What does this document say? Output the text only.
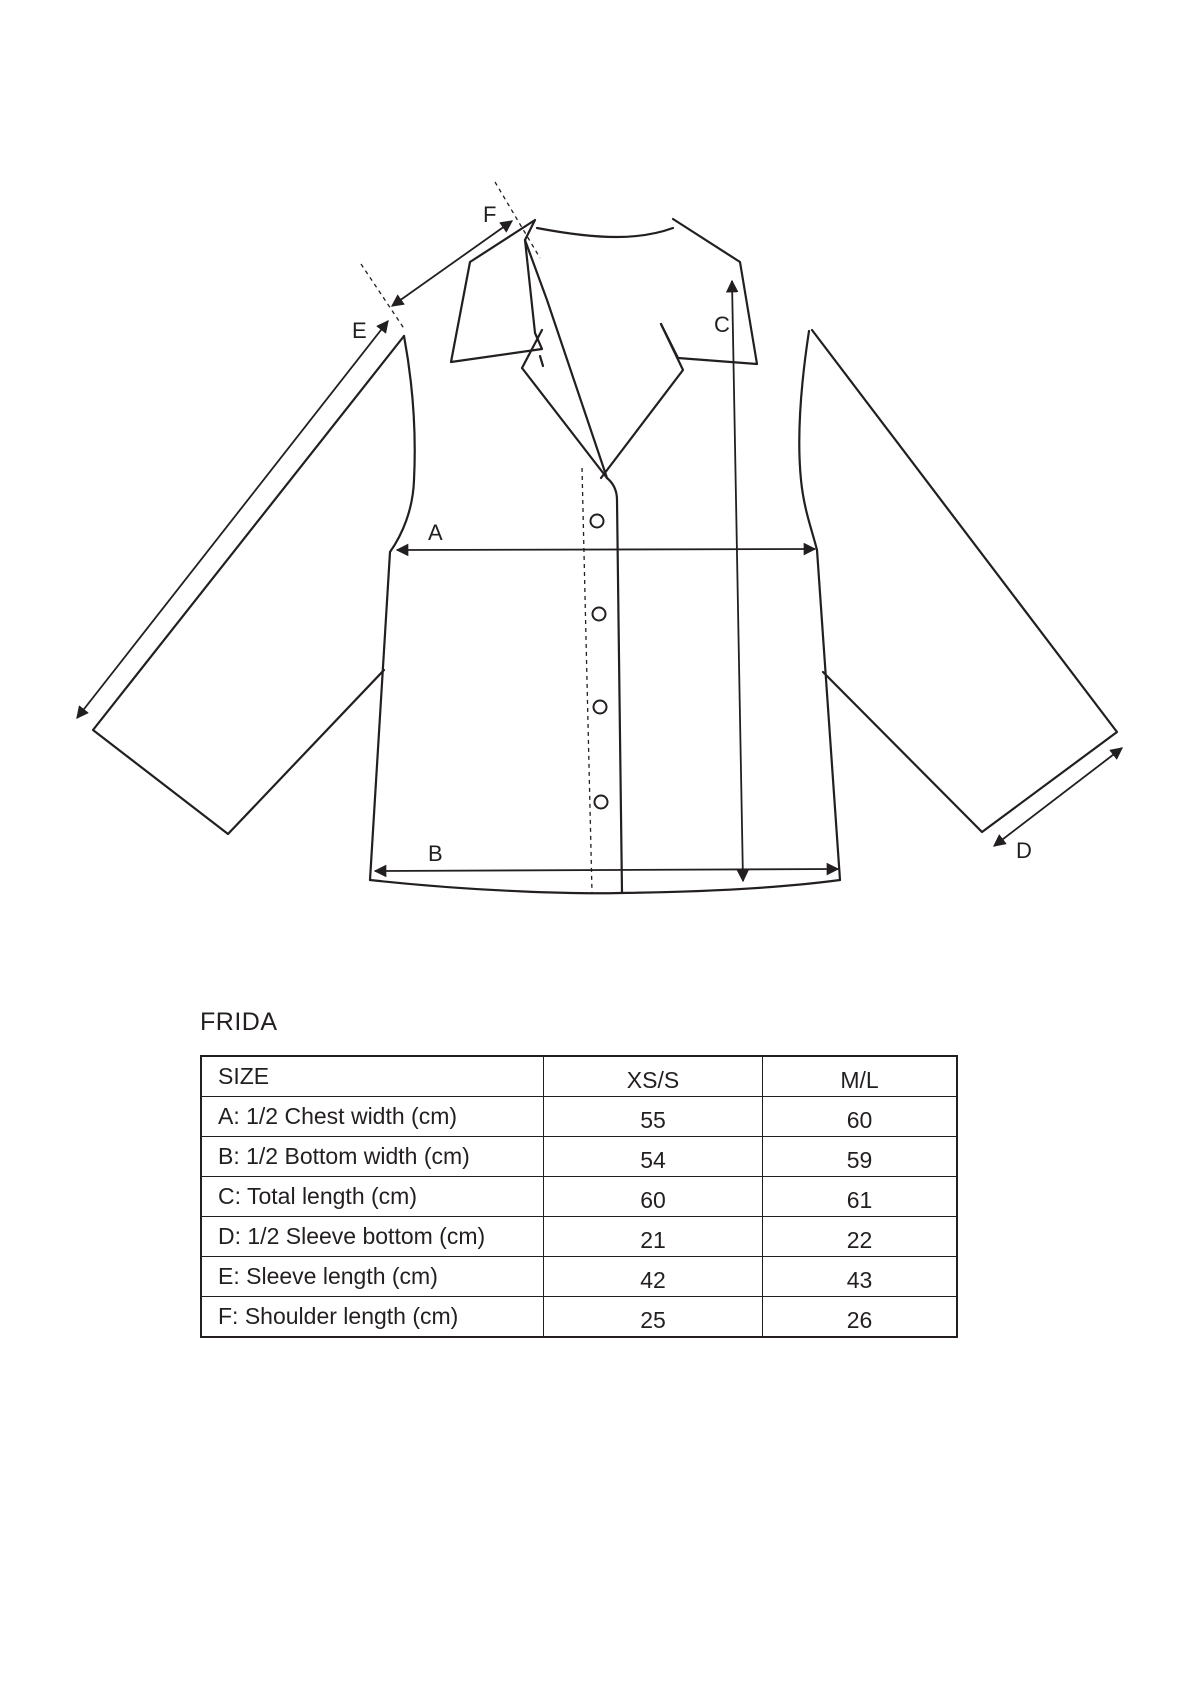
A
B
C
D
E
F
FRIDA
SIZE	XS/S	M/L
A: 1/2 Chest width (cm)	55	60
B: 1/2 Bottom width (cm)	54	59
C: Total length (cm)	60	61
D: 1/2 Sleeve bottom (cm)	21	22
E: Sleeve length (cm)	42	43
F: Shoulder length (cm)	25	26
